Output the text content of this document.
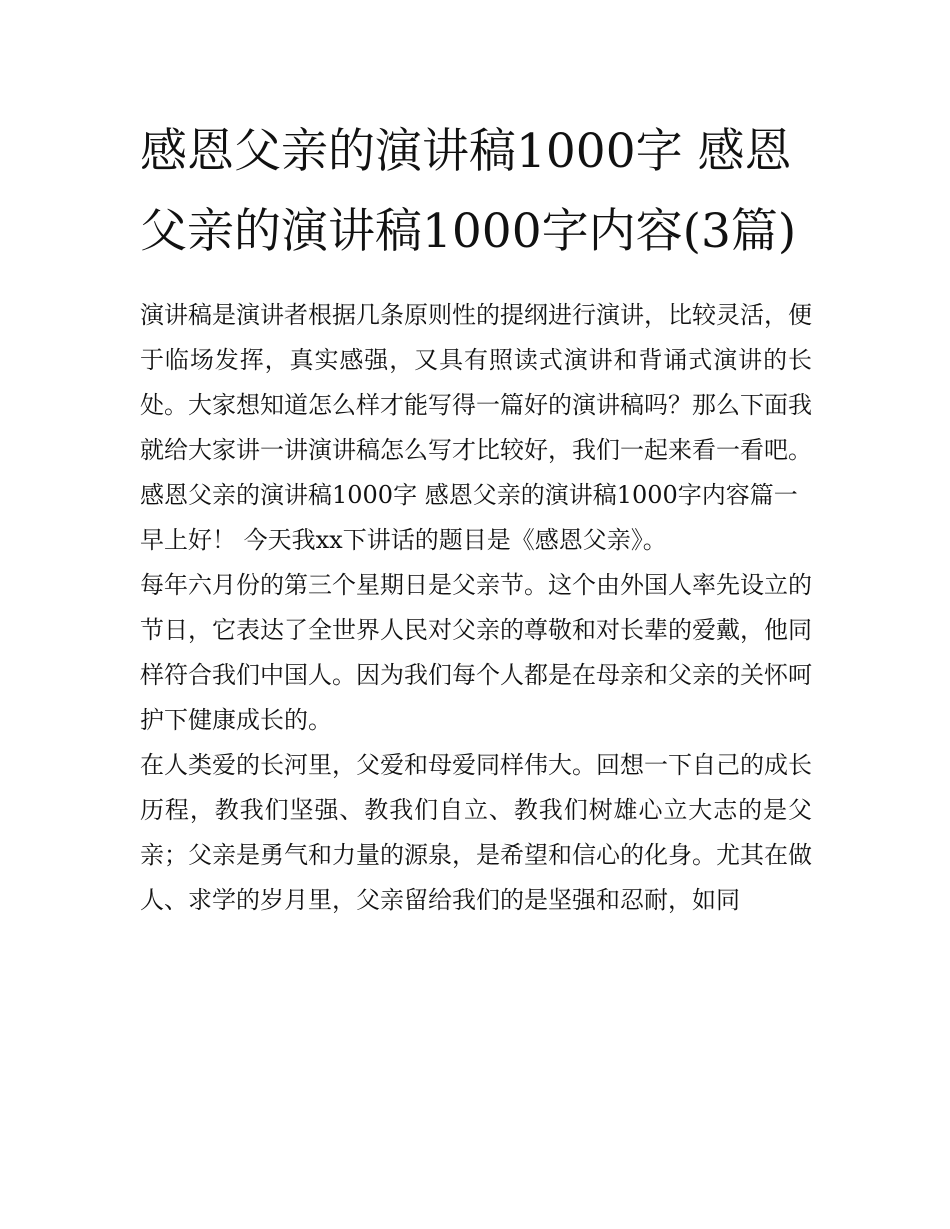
感恩父亲的演讲稿1000字 感恩父亲的演讲稿1000字内容(3篇)

演讲稿是演讲者根据几条原则性的提纲进行演讲，比较灵活，便于临场发挥，真实感强，又具有照读式演讲和背诵式演讲的长处。大家想知道怎么样才能写得一篇好的演讲稿吗？那么下面我就给大家讲一讲演讲稿怎么写才比较好，我们一起来看一看吧。

感恩父亲的演讲稿1000字 感恩父亲的演讲稿1000字内容篇一

早上好！ 今天我xx下讲话的题目是《感恩父亲》。

每年六月份的第三个星期日是父亲节。这个由外国人率先设立的节日，它表达了全世界人民对父亲的尊敬和对长辈的爱戴，他同样符合我们中国人。因为我们每个人都是在母亲和父亲的关怀呵护下健康成长的。

在人类爱的长河里，父爱和母爱同样伟大。回想一下自己的成长历程，教我们坚强、教我们自立、教我们树雄心立大志的是父亲；父亲是勇气和力量的源泉，是希望和信心的化身。尤其在做人、求学的岁月里，父亲留给我们的是坚强和忍耐，如同
